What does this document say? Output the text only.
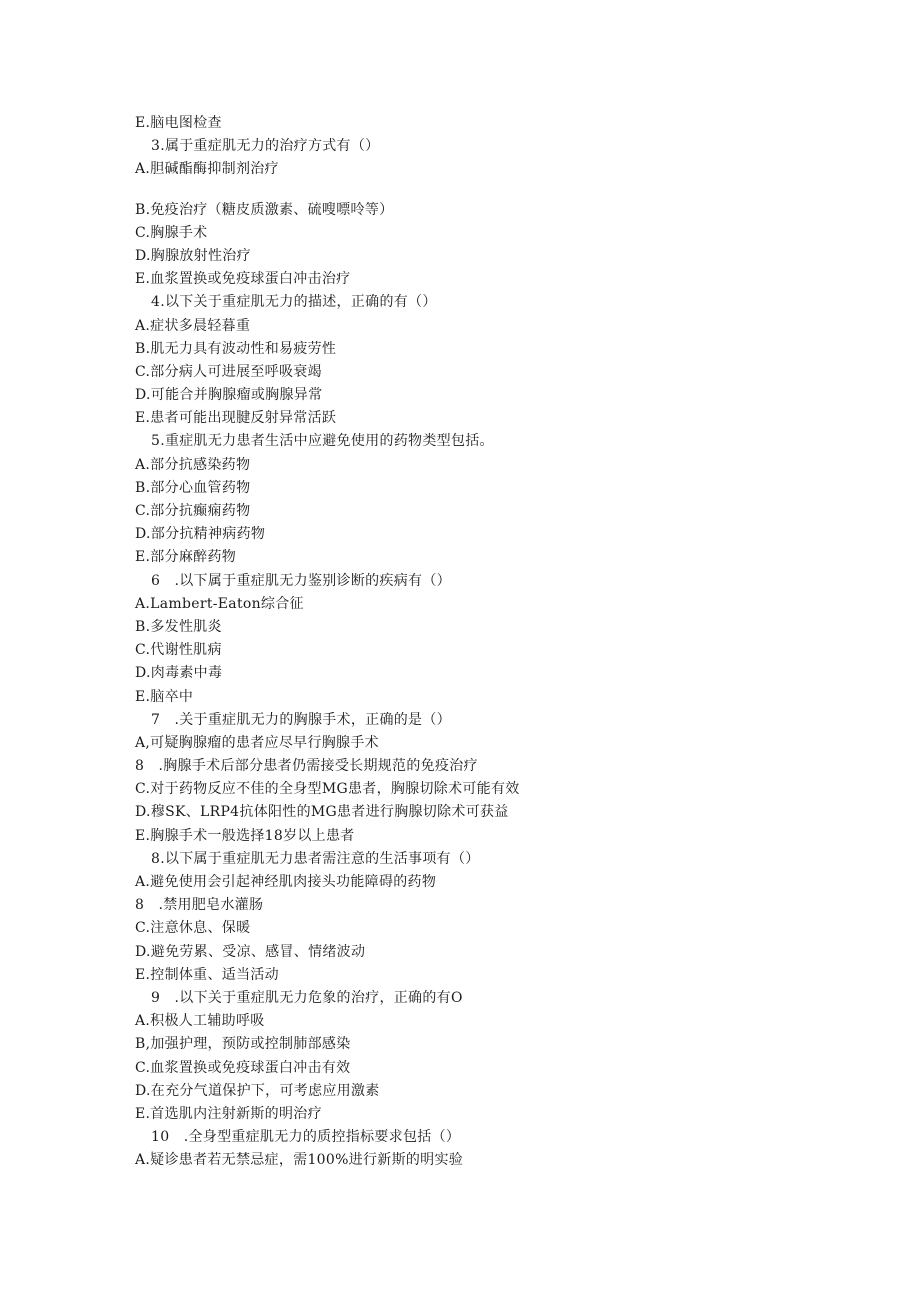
E.脑电图检查
3.属于重症肌无力的治疗方式有（）
A.胆碱酯酶抑制剂治疗
B.免疫治疗（糖皮质激素、硫嗖嘌呤等）
C.胸腺手术
D.胸腺放射性治疗
E.血浆置换或免疫球蛋白冲击治疗
4.以下关于重症肌无力的描述，正确的有（）
A.症状多晨轻暮重
B.肌无力具有波动性和易疲劳性
C.部分病人可进展至呼吸衰竭
D.可能合并胸腺瘤或胸腺异常
E.患者可能出现腱反射异常活跃
5.重症肌无力患者生活中应避免使用的药物类型包括。
A.部分抗感染药物
B.部分心血管药物
C.部分抗癫痫药物
D.部分抗精神病药物
E.部分麻醉药物
6　.以下属于重症肌无力鉴别诊断的疾病有（）
A.Lambert-Eaton综合征
B.多发性肌炎
C.代谢性肌病
D.肉毒素中毒
E.脑卒中
7　.关于重症肌无力的胸腺手术，正确的是（）
A,可疑胸腺瘤的患者应尽早行胸腺手术
8　.胸腺手术后部分患者仍需接受长期规范的免疫治疗
C.对于药物反应不佳的全身型MG患者，胸腺切除术可能有效
D.穆SK、LRP4抗体阳性的MG患者进行胸腺切除术可获益
E.胸腺手术一般选择18岁以上患者
8.以下属于重症肌无力患者需注意的生活事项有（）
A.避免使用会引起神经肌肉接头功能障碍的药物
8　.禁用肥皂水灌肠
C.注意休息、保暖
D.避免劳累、受凉、感冒、情绪波动
E.控制体重、适当活动
9　.以下关于重症肌无力危象的治疗，正确的有O
A.积极人工辅助呼吸
B,加强护理，预防或控制肺部感染
C.血浆置换或免疫球蛋白冲击有效
D.在充分气道保护下，可考虑应用激素
E.首选肌内注射新斯的明治疗
10　.全身型重症肌无力的质控指标要求包括（）
A.疑诊患者若无禁忌症，需100%进行新斯的明实验
